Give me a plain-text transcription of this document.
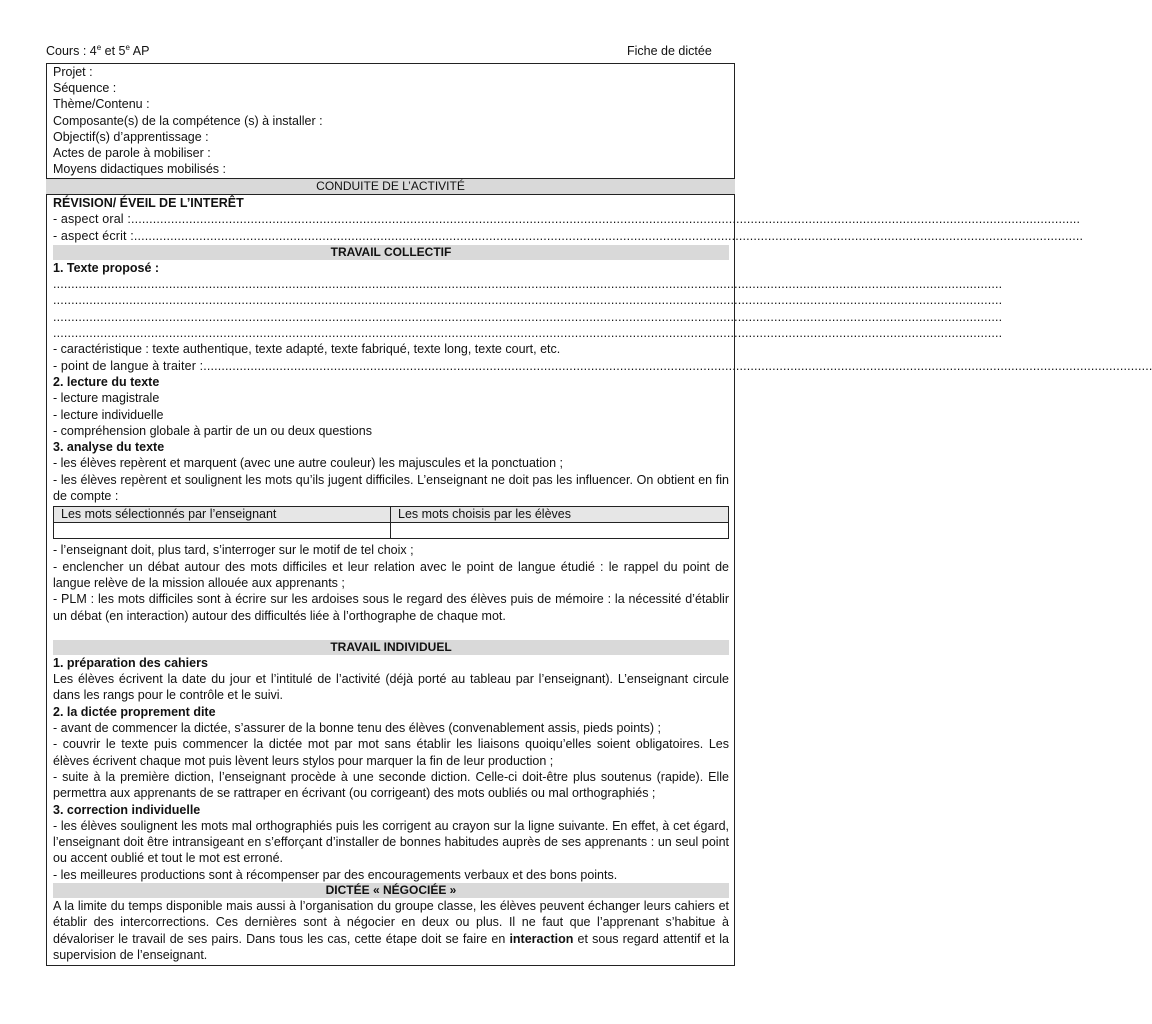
Cours : 4e et 5e AP	Fiche de dictée
Projet :
Séquence :
Thème/Contenu :
Composante(s) de la compétence (s) à installer :
Objectif(s) d’apprentissage :
Actes de parole à mobiliser :
Moyens didactiques mobilisés :
CONDUITE DE L’ACTIVITÉ
RÉVISION/ ÉVEIL DE L’INTERÊT
- aspect oral :......................................................................................................................................................................................................................................................................
- aspect écrit :......................................................................................................................................................................................................................................................................
TRAVAIL COLLECTIF
1. Texte proposé :
......................................................................................................................................................................................................................................................................
......................................................................................................................................................................................................................................................................
......................................................................................................................................................................................................................................................................
......................................................................................................................................................................................................................................................................
- caractéristique : texte authentique, texte adapté, texte fabriqué, texte long, texte court, etc.
- point de langue à traiter :......................................................................................................................................................................................................................................................................
2. lecture du texte
- lecture magistrale
- lecture individuelle
- compréhension globale à partir de un ou deux questions
3. analyse du texte
- les élèves repèrent et marquent (avec une autre couleur) les majuscules et la ponctuation ;
- les élèves repèrent et soulignent les mots qu’ils jugent difficiles. L’enseignant ne doit pas les influencer. On obtient en fin de compte :
Les mots sélectionnés par l’enseignant	Les mots choisis par les élèves

- l’enseignant doit, plus tard, s’interroger sur le motif de tel choix ;
- enclencher un débat autour des mots difficiles et leur relation avec le point de langue étudié : le rappel du point de langue relève de la mission allouée aux apprenants ;
- PLM : les mots difficiles sont à écrire sur les ardoises sous le regard des élèves puis de mémoire : la nécessité d’établir un débat (en interaction) autour des difficultés liée à l’orthographe de chaque mot.
TRAVAIL INDIVIDUEL
1. préparation des cahiers
Les élèves écrivent la date du jour et l’intitulé de l’activité (déjà porté au tableau par l’enseignant). L’enseignant circule dans les rangs pour le contrôle et le suivi.
2. la dictée proprement dite
- avant de commencer la dictée, s’assurer de la bonne tenu des élèves (convenablement assis, pieds points) ;
- couvrir le texte puis commencer la dictée mot par mot sans établir les liaisons quoiqu’elles soient obligatoires. Les élèves écrivent chaque mot puis lèvent leurs stylos pour marquer la fin de leur production ;
- suite à la première diction, l’enseignant procède à une seconde diction. Celle-ci doit-être plus soutenus (rapide). Elle permettra aux apprenants de se rattraper en écrivant (ou corrigeant) des mots oubliés ou mal orthographiés ;
3. correction individuelle
- les élèves soulignent les mots mal orthographiés puis les corrigent au crayon sur la ligne suivante. En effet, à cet égard, l’enseignant doit être intransigeant en s’efforçant d’installer de bonnes habitudes auprès de ses apprenants : un seul point ou accent oublié et tout le mot est erroné.
- les meilleures productions sont à récompenser par des encouragements verbaux et des bons points.
DICTÉE « NÉGOCIÉE »
A la limite du temps disponible mais aussi à l’organisation du groupe classe, les élèves peuvent échanger leurs cahiers et établir des intercorrections. Ces dernières sont à négocier en deux ou plus. Il ne faut que l’apprenant s’habitue à dévaloriser le travail de ses pairs. Dans tous les cas, cette étape doit se faire en interaction et sous regard attentif et la supervision de l’enseignant.
